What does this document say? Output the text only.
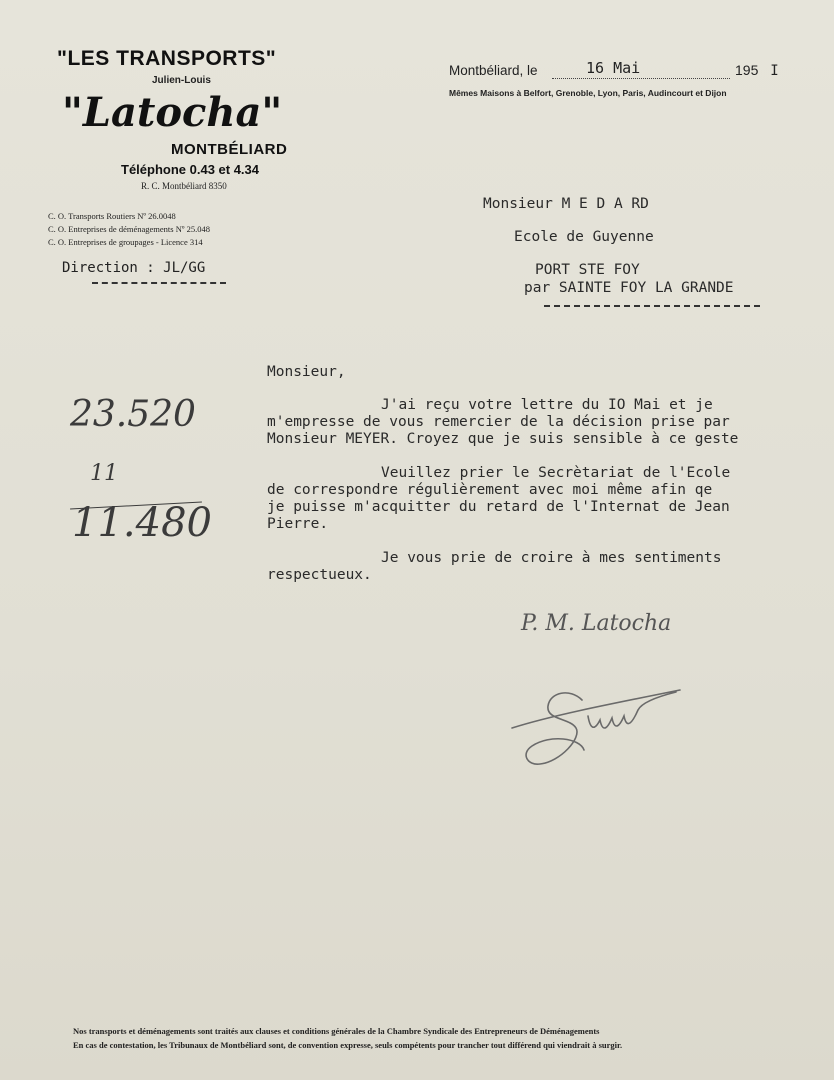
"LES TRANSPORTS"
Julien-Louis
"Latocha"
MONTBÉLIARD
Téléphone 0.43 et 4.34
R. C. Montbéliard 8350
C. O. Transports Routiers Nº 26.0048
C. O. Entreprises de déménagements Nº 25.048
C. O. Entreprises de groupages - Licence 314
Direction : JL/GG
Montbéliard, le	16 Mai	195 I
Mêmes Maisons à Belfort, Grenoble, Lyon, Paris, Audincourt et Dijon
Monsieur M E D A RD
Ecole de Guyenne
PORT STE FOY
par SAINTE FOY LA GRANDE
Monsieur,
J'ai reçu votre lettre du IO Mai et je
m'empresse de vous remercier de la décision prise par
Monsieur MEYER. Croyez que je suis sensible à ce geste
Veuillez prier le Secrètariat de l'Ecole
de correspondre régulièrement avec moi même afin qe
je puisse m'acquitter du retard de l'Internat de Jean
Pierre.
Je vous prie de croire à mes sentiments
respectueux.
23.520
11
11.480
P. M. Latocha
Nos transports et déménagements sont traités aux clauses et conditions générales de la Chambre Syndicale des Entrepreneurs de Déménagements
En cas de contestation, les Tribunaux de Montbéliard sont, de convention expresse, seuls compétents pour trancher tout différend qui viendrait à surgir.
